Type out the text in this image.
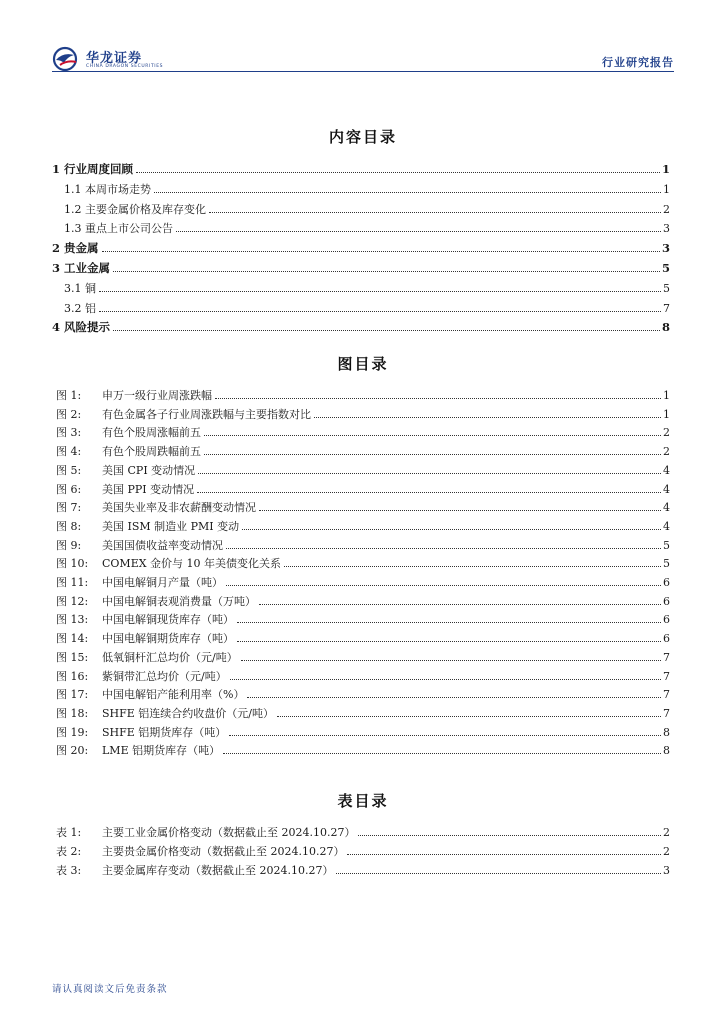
华龙证券
CHINA DRAGON SECURITIES	行业研究报告
内容目录
1 行业周度回顾	1
1.1 本周市场走势	1
1.2 主要金属价格及库存变化	2
1.3 重点上市公司公告	3
2 贵金属	3
3 工业金属	5
3.1 铜	5
3.2 铝	7
4 风险提示	8
图目录
图 1: 申万一级行业周涨跌幅	1
图 2: 有色金属各子行业周涨跌幅与主要指数对比	1
图 3: 有色个股周涨幅前五	2
图 4: 有色个股周跌幅前五	2
图 5: 美国 CPI 变动情况	4
图 6: 美国 PPI 变动情况	4
图 7: 美国失业率及非农薪酬变动情况	4
图 8: 美国 ISM 制造业 PMI 变动	4
图 9: 美国国债收益率变动情况	5
图 10: COMEX 金价与 10 年美债变化关系	5
图 11: 中国电解铜月产量（吨）	6
图 12: 中国电解铜表观消费量（万吨）	6
图 13: 中国电解铜现货库存（吨）	6
图 14: 中国电解铜期货库存（吨）	6
图 15: 低氧铜杆汇总均价（元/吨）	7
图 16: 紫铜带汇总均价（元/吨）	7
图 17: 中国电解铝产能利用率（%）	7
图 18: SHFE 铝连续合约收盘价（元/吨）	7
图 19: SHFE 铝期货库存（吨）	8
图 20: LME 铝期货库存（吨）	8
表目录
表 1: 主要工业金属价格变动（数据截止至 2024.10.27）	2
表 2: 主要贵金属价格变动（数据截止至 2024.10.27）	2
表 3: 主要金属库存变动（数据截止至 2024.10.27）	3
请认真阅读文后免责条款
